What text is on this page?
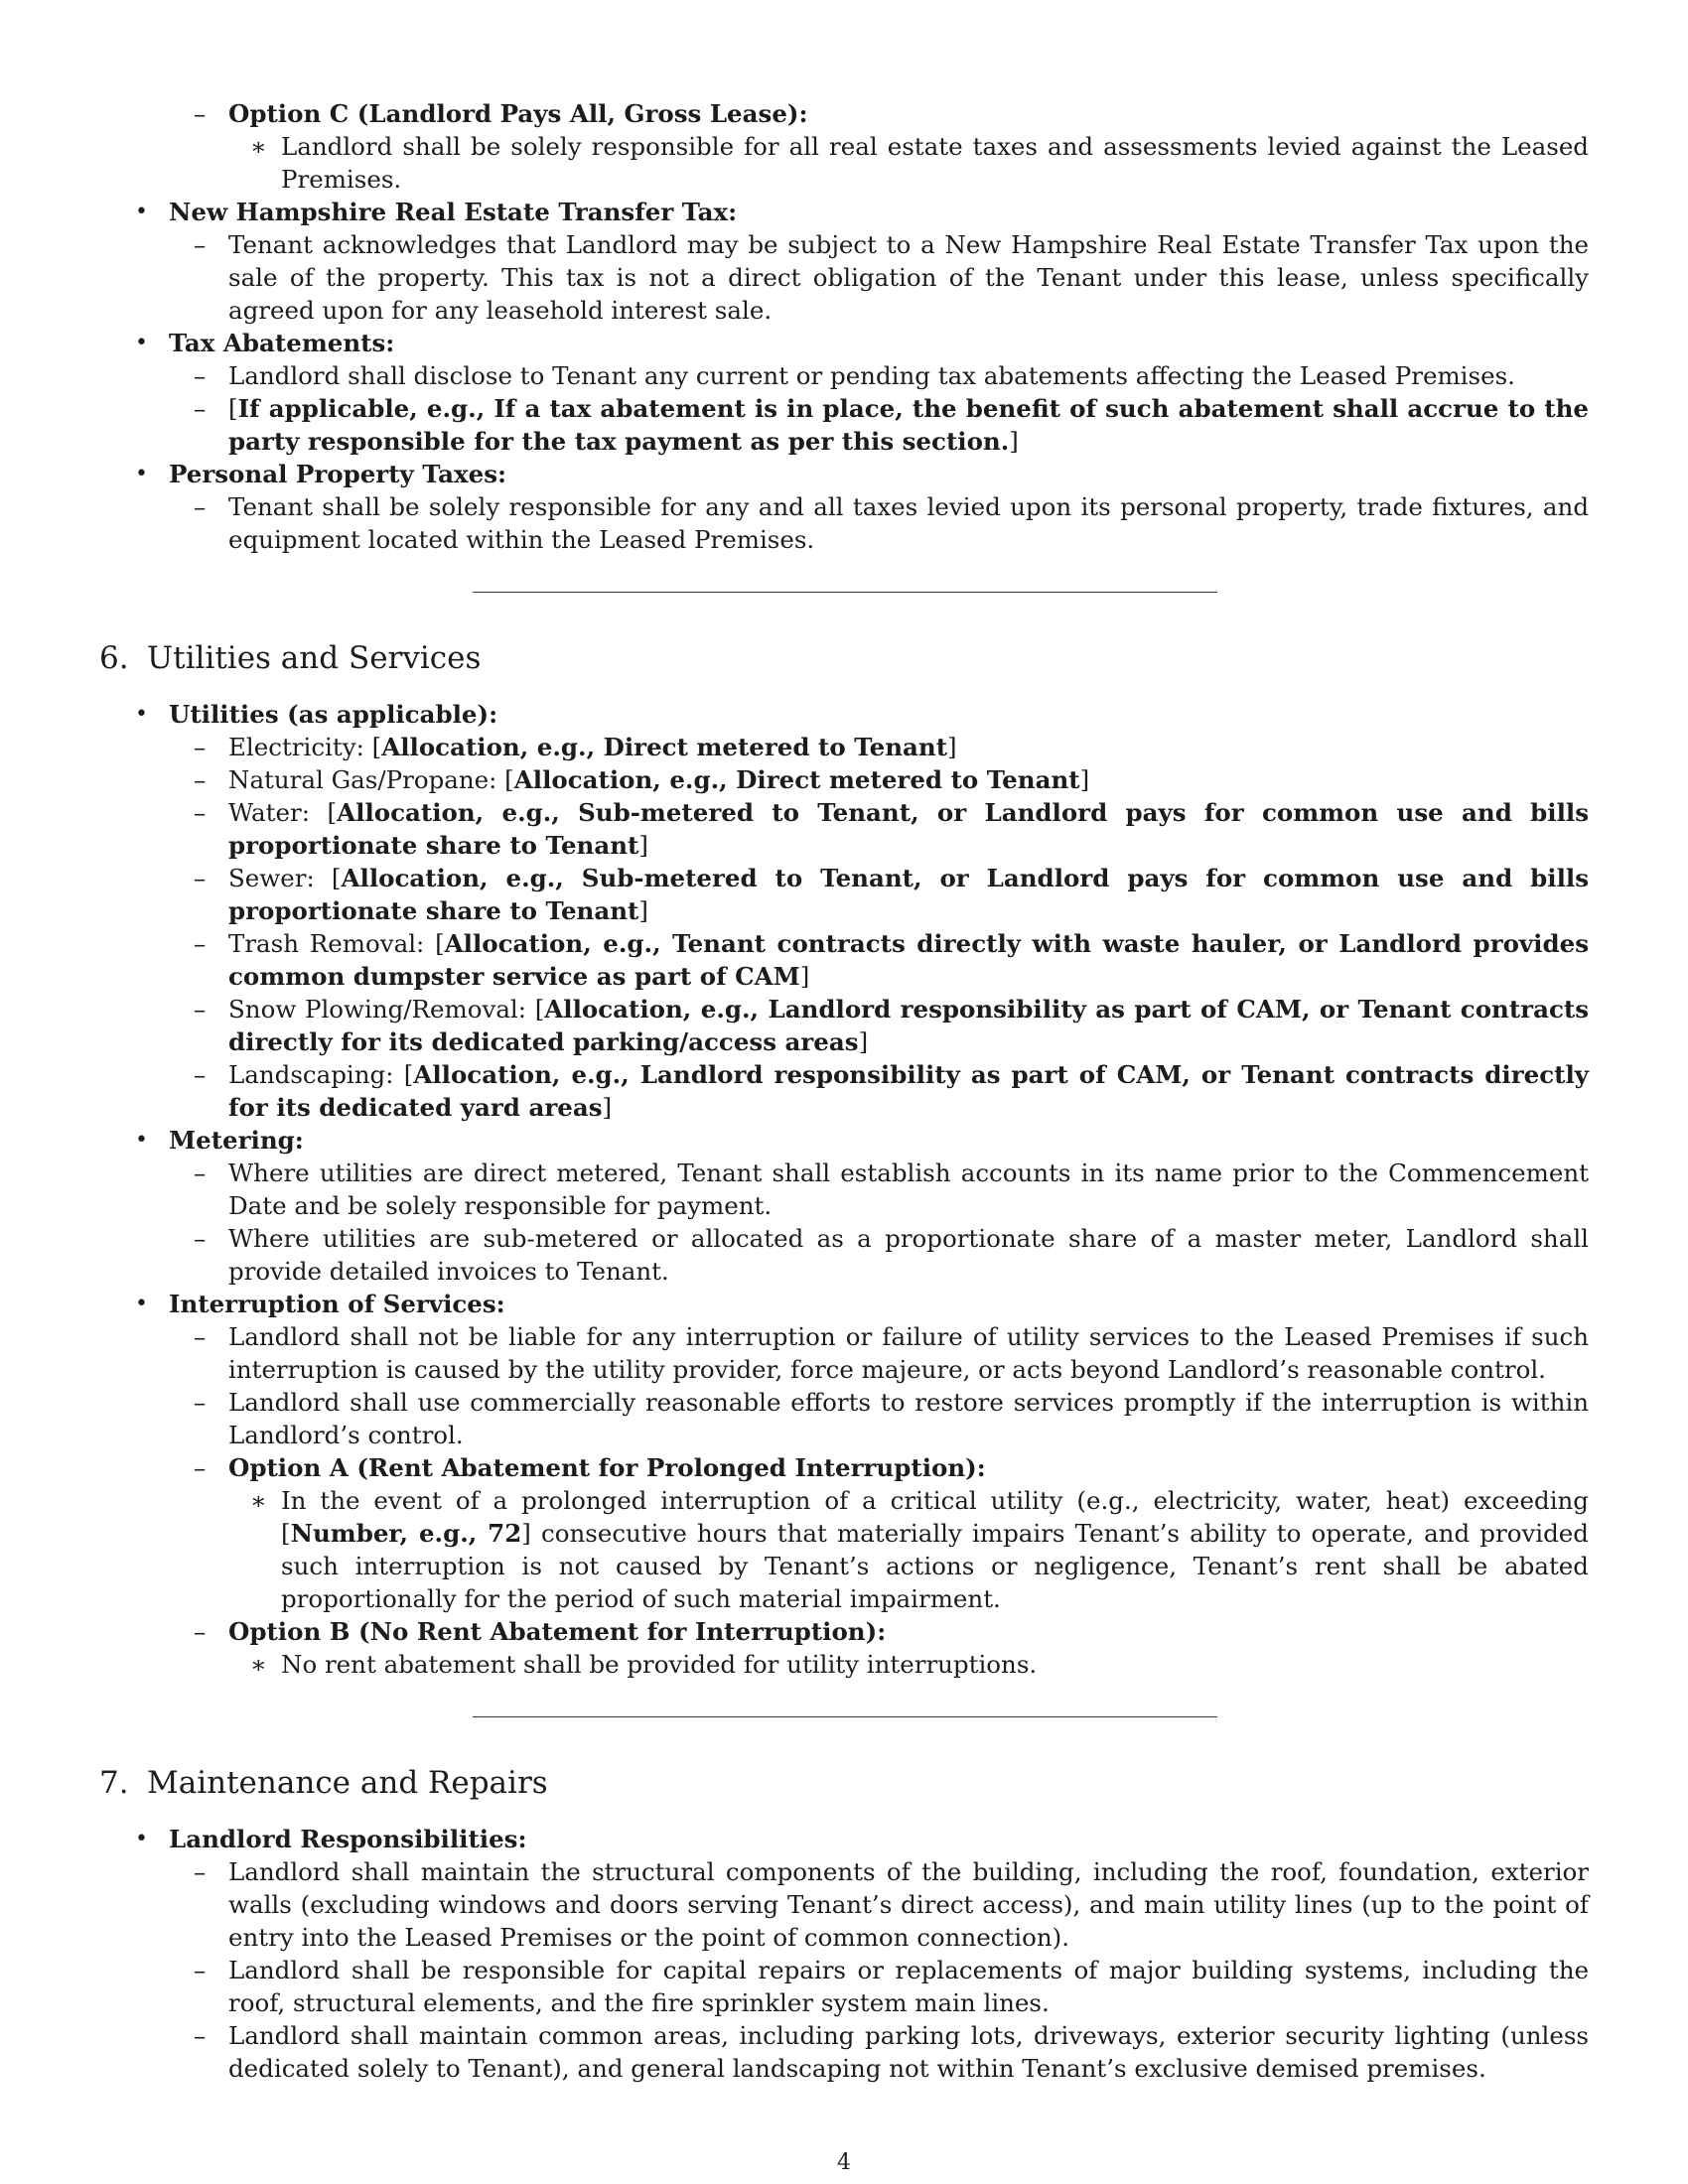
– Option C (Landlord Pays All, Gross Lease):
∗ Landlord shall be solely responsible for all real estate taxes and assessments levied against the Leased Premises.
• New Hampshire Real Estate Transfer Tax:
– Tenant acknowledges that Landlord may be subject to a New Hampshire Real Estate Transfer Tax upon the sale of the property. This tax is not a direct obligation of the Tenant under this lease, unless specifically agreed upon for any leasehold interest sale.
• Tax Abatements:
– Landlord shall disclose to Tenant any current or pending tax abatements affecting the Leased Premises.
– [If applicable, e.g., If a tax abatement is in place, the benefit of such abatement shall accrue to the party responsible for the tax payment as per this section.]
• Personal Property Taxes:
– Tenant shall be solely responsible for any and all taxes levied upon its personal property, trade fixtures, and equipment located within the Leased Premises.
6. Utilities and Services
• Utilities (as applicable):
– Electricity: [Allocation, e.g., Direct metered to Tenant]
– Natural Gas/Propane: [Allocation, e.g., Direct metered to Tenant]
– Water: [Allocation, e.g., Sub-metered to Tenant, or Landlord pays for common use and bills proportionate share to Tenant]
– Sewer: [Allocation, e.g., Sub-metered to Tenant, or Landlord pays for common use and bills proportionate share to Tenant]
– Trash Removal: [Allocation, e.g., Tenant contracts directly with waste hauler, or Landlord provides common dumpster service as part of CAM]
– Snow Plowing/Removal: [Allocation, e.g., Landlord responsibility as part of CAM, or Tenant contracts directly for its dedicated parking/access areas]
– Landscaping: [Allocation, e.g., Landlord responsibility as part of CAM, or Tenant contracts directly for its dedicated yard areas]
• Metering:
– Where utilities are direct metered, Tenant shall establish accounts in its name prior to the Commencement Date and be solely responsible for payment.
– Where utilities are sub-metered or allocated as a proportionate share of a master meter, Landlord shall provide detailed invoices to Tenant.
• Interruption of Services:
– Landlord shall not be liable for any interruption or failure of utility services to the Leased Premises if such interruption is caused by the utility provider, force majeure, or acts beyond Landlord’s reasonable control.
– Landlord shall use commercially reasonable efforts to restore services promptly if the interruption is within Landlord’s control.
– Option A (Rent Abatement for Prolonged Interruption):
∗ In the event of a prolonged interruption of a critical utility (e.g., electricity, water, heat) exceeding [Number, e.g., 72] consecutive hours that materially impairs Tenant’s ability to operate, and provided such interruption is not caused by Tenant’s actions or negligence, Tenant’s rent shall be abated proportionally for the period of such material impairment.
– Option B (No Rent Abatement for Interruption):
∗ No rent abatement shall be provided for utility interruptions.
7. Maintenance and Repairs
• Landlord Responsibilities:
– Landlord shall maintain the structural components of the building, including the roof, foundation, exterior walls (excluding windows and doors serving Tenant’s direct access), and main utility lines (up to the point of entry into the Leased Premises or the point of common connection).
– Landlord shall be responsible for capital repairs or replacements of major building systems, including the roof, structural elements, and the fire sprinkler system main lines.
– Landlord shall maintain common areas, including parking lots, driveways, exterior security lighting (unless dedicated solely to Tenant), and general landscaping not within Tenant’s exclusive demised premises.
4
